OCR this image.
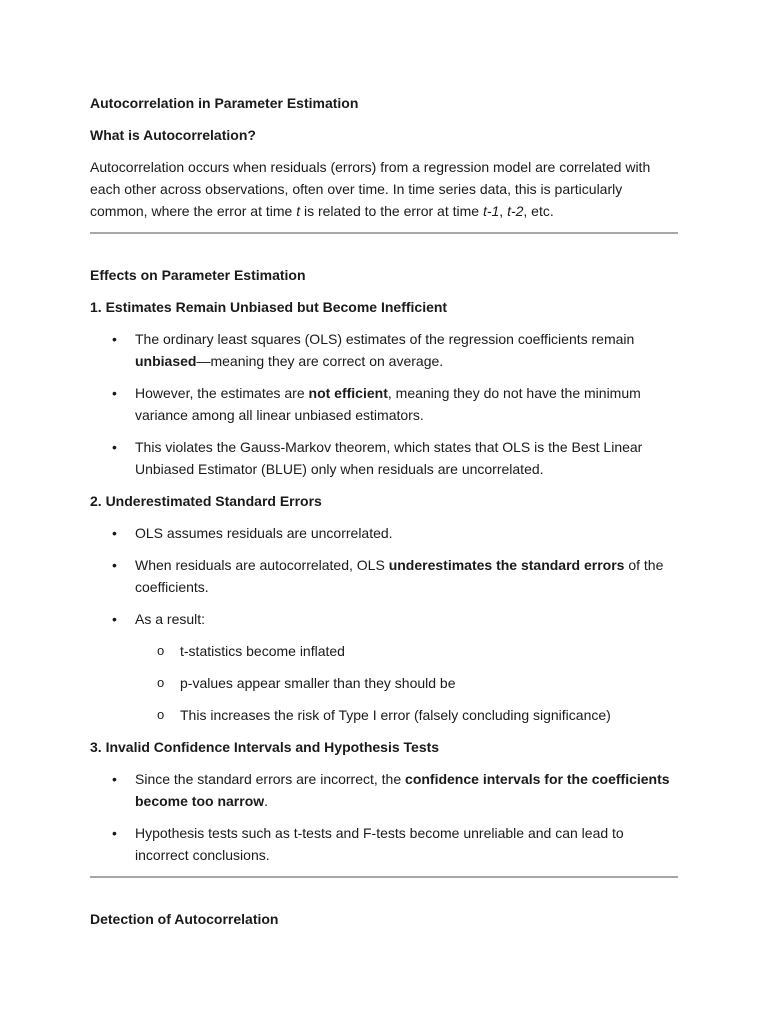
Autocorrelation in Parameter Estimation
What is Autocorrelation?

Autocorrelation occurs when residuals (errors) from a regression model are correlated with each other across observations, often over time. In time series data, this is particularly common, where the error at time t is related to the error at time t-1, t-2, etc.

Effects on Parameter Estimation
1. Estimates Remain Unbiased but Become Inefficient
• The ordinary least squares (OLS) estimates of the regression coefficients remain unbiased—meaning they are correct on average.
• However, the estimates are not efficient, meaning they do not have the minimum variance among all linear unbiased estimators.
• This violates the Gauss-Markov theorem, which states that OLS is the Best Linear Unbiased Estimator (BLUE) only when residuals are uncorrelated.
2. Underestimated Standard Errors
• OLS assumes residuals are uncorrelated.
• When residuals are autocorrelated, OLS underestimates the standard errors of the coefficients.
• As a result:
o t-statistics become inflated
o p-values appear smaller than they should be
o This increases the risk of Type I error (falsely concluding significance)
3. Invalid Confidence Intervals and Hypothesis Tests
• Since the standard errors are incorrect, the confidence intervals for the coefficients become too narrow.
• Hypothesis tests such as t-tests and F-tests become unreliable and can lead to incorrect conclusions.
Detection of Autocorrelation
